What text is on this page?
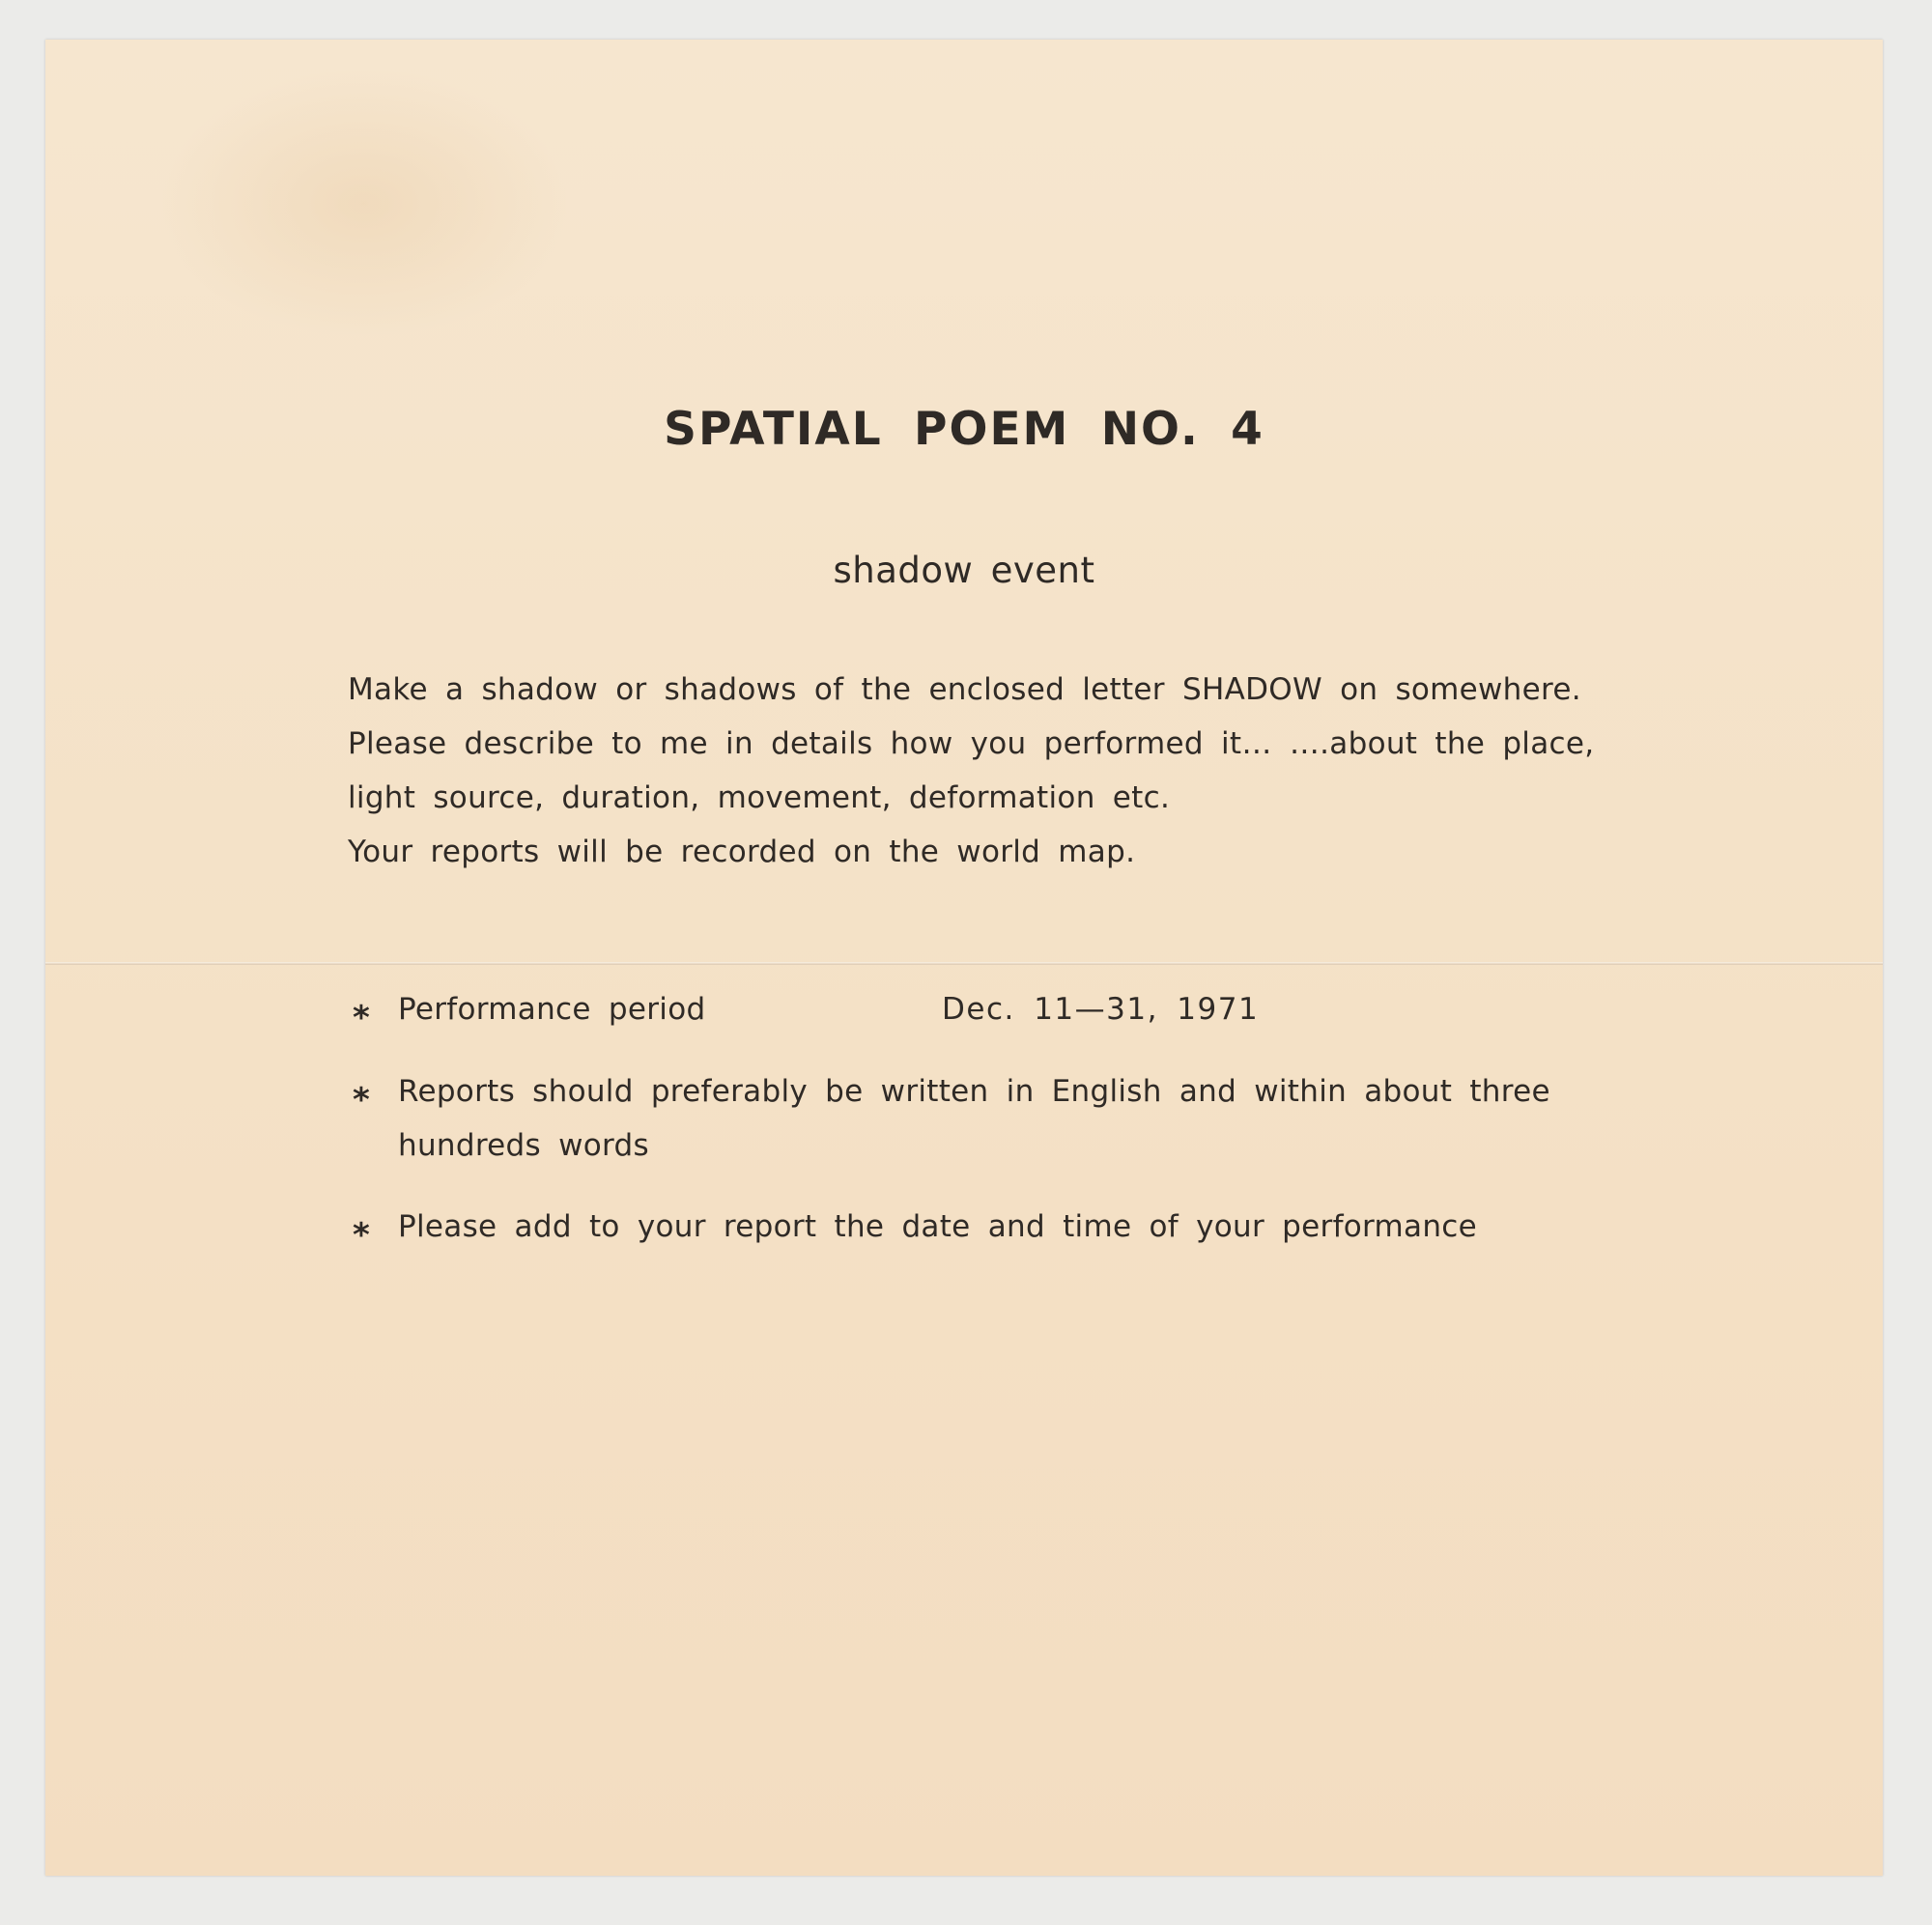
SPATIAL POEM NO. 4
shadow event
Make a shadow or shadows of the enclosed letter SHADOW on somewhere.
Please describe to me in details how you performed it… ….about the place,
light source, duration, movement, deformation etc.
Your reports will be recorded on the world map.
* Performance period	Dec. 11—31, 1971
* Reports should preferably be written in English and within about three
hundreds words
* Please add to your report the date and time of your performance
